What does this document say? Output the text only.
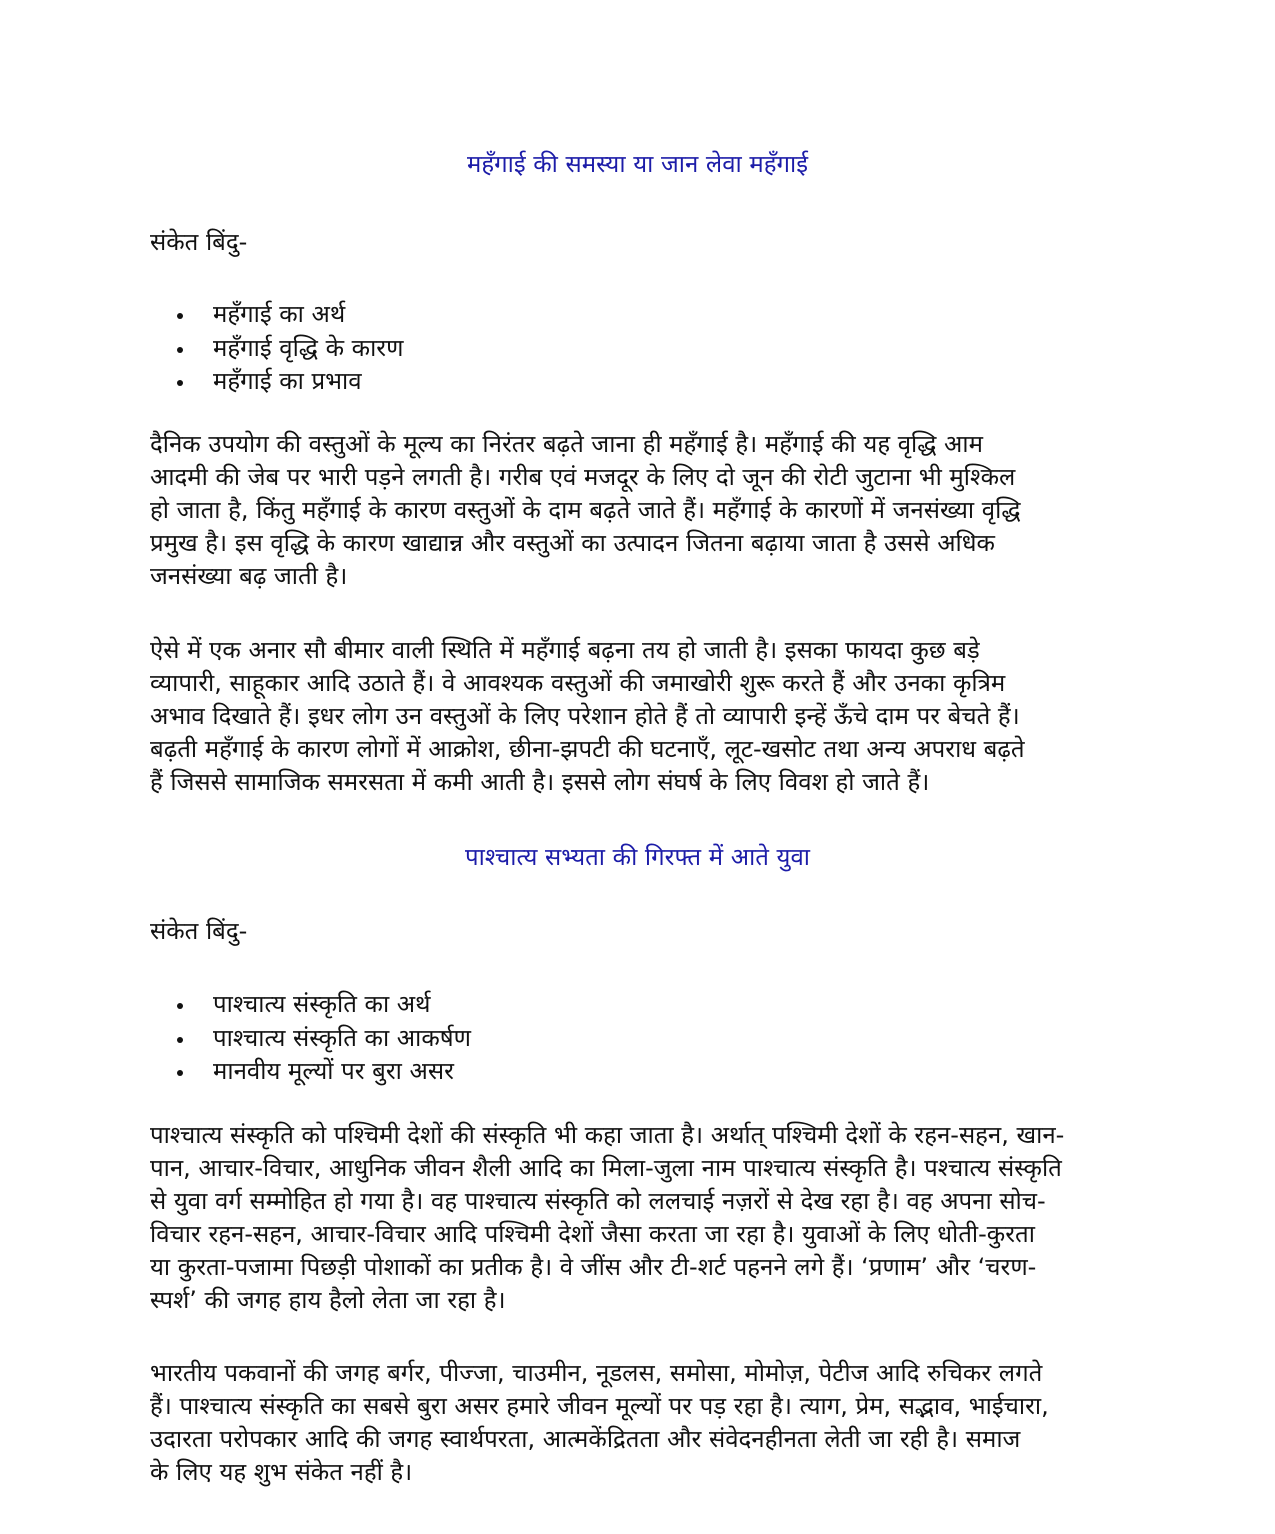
महँगाई की समस्या या जान लेवा महँगाई
संकेत बिंदु-
महँगाई का अर्थ
महँगाई वृद्धि के कारण
महँगाई का प्रभाव

दैनिक उपयोग की वस्तुओं के मूल्य का निरंतर बढ़ते जाना ही महँगाई है। महँगाई की यह वृद्धि आम
आदमी की जेब पर भारी पड़ने लगती है। गरीब एवं मजदूर के लिए दो जून की रोटी जुटाना भी मुश्किल
हो जाता है, किंतु महँगाई के कारण वस्तुओं के दाम बढ़ते जाते हैं। महँगाई के कारणों में जनसंख्या वृद्धि
प्रमुख है। इस वृद्धि के कारण खाद्यान्न और वस्तुओं का उत्पादन जितना बढ़ाया जाता है उससे अधिक
जनसंख्या बढ़ जाती है।

ऐसे में एक अनार सौ बीमार वाली स्थिति में महँगाई बढ़ना तय हो जाती है। इसका फायदा कुछ बड़े
व्यापारी, साहूकार आदि उठाते हैं। वे आवश्यक वस्तुओं की जमाखोरी शुरू करते हैं और उनका कृत्रिम
अभाव दिखाते हैं। इधर लोग उन वस्तुओं के लिए परेशान होते हैं तो व्यापारी इन्हें ऊँचे दाम पर बेचते हैं।
बढ़ती महँगाई के कारण लोगों में आक्रोश, छीना-झपटी की घटनाएँ, लूट-खसोट तथा अन्य अपराध बढ़ते
हैं जिससे सामाजिक समरसता में कमी आती है। इससे लोग संघर्ष के लिए विवश हो जाते हैं।

पाश्चात्य सभ्यता की गिरफ्त में आते युवा
संकेत बिंदु-
पाश्चात्य संस्कृति का अर्थ
पाश्चात्य संस्कृति का आकर्षण
मानवीय मूल्यों पर बुरा असर

पाश्चात्य संस्कृति को पश्चिमी देशों की संस्कृति भी कहा जाता है। अर्थात् पश्चिमी देशों के रहन-सहन, खान-
पान, आचार-विचार, आधुनिक जीवन शैली आदि का मिला-जुला नाम पाश्चात्य संस्कृति है। पश्चात्य संस्कृति
से युवा वर्ग सम्मोहित हो गया है। वह पाश्चात्य संस्कृति को ललचाई नज़रों से देख रहा है। वह अपना सोच-
विचार रहन-सहन, आचार-विचार आदि पश्चिमी देशों जैसा करता जा रहा है। युवाओं के लिए धोती-कुरता
या कुरता-पजामा पिछड़ी पोशाकों का प्रतीक है। वे जींस और टी-शर्ट पहनने लगे हैं। ‘प्रणाम’ और ‘चरण-
स्पर्श’ की जगह हाय हैलो लेता जा रहा है।

भारतीय पकवानों की जगह बर्गर, पीज्जा, चाउमीन, नूडलस, समोसा, मोमोज़, पेटीज आदि रुचिकर लगते
हैं। पाश्चात्य संस्कृति का सबसे बुरा असर हमारे जीवन मूल्यों पर पड़ रहा है। त्याग, प्रेम, सद्भाव, भाईचारा,
उदारता परोपकार आदि की जगह स्वार्थपरता, आत्मकेंद्रितता और संवेदनहीनता लेती जा रही है। समाज
के लिए यह शुभ संकेत नहीं है।
